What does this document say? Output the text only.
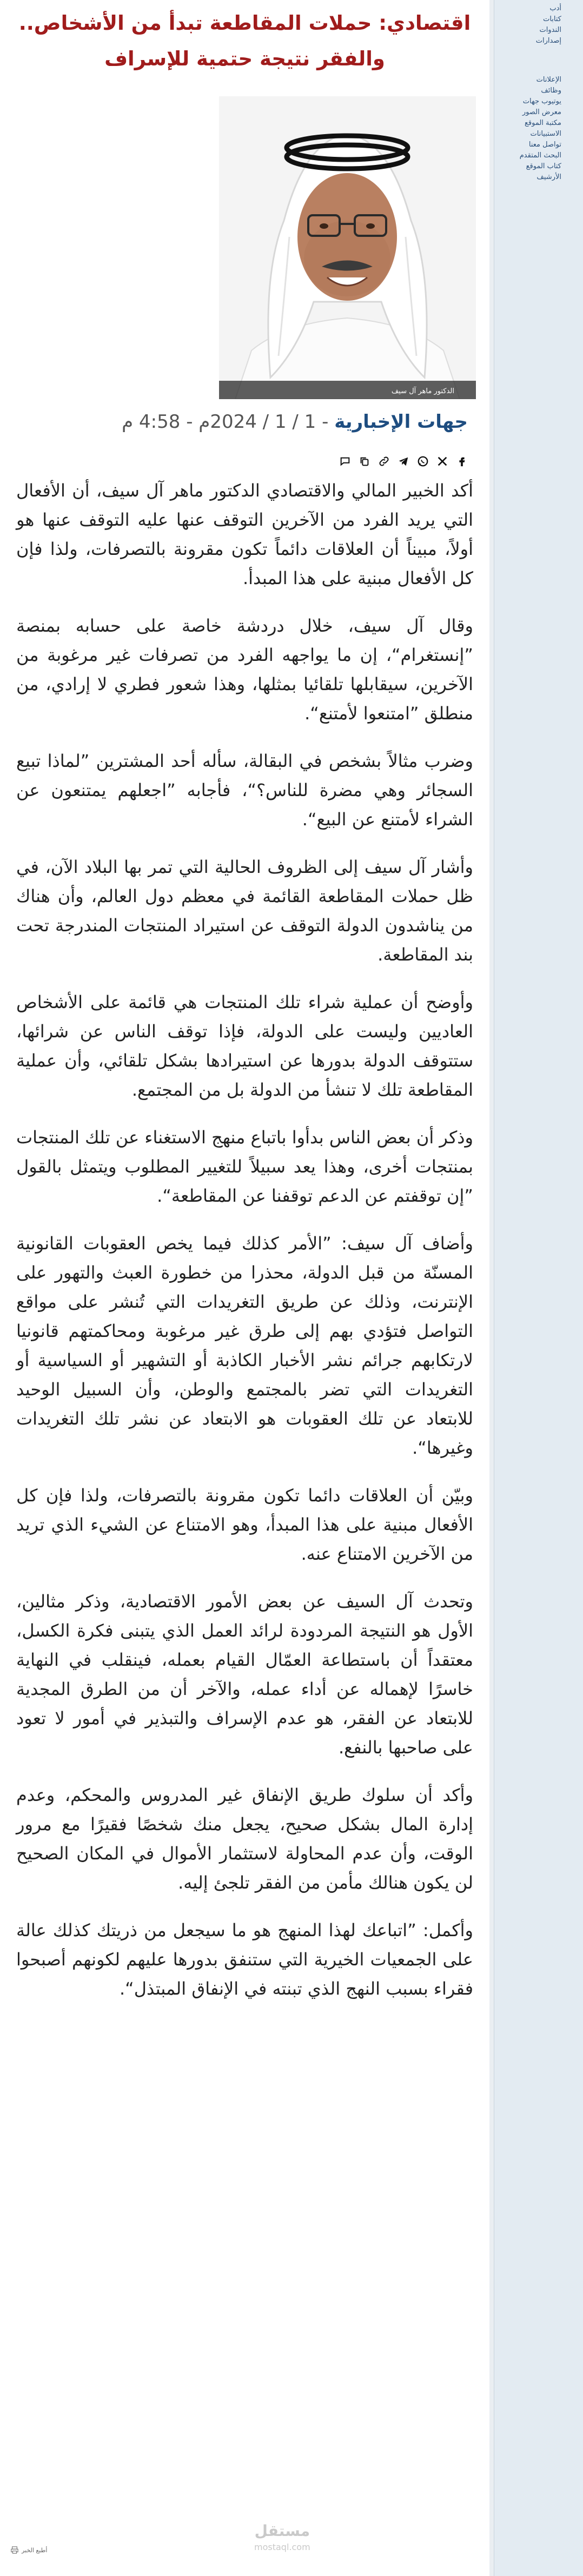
أدب
كتابات
الندوات
إصدارات
الإعلانات
وظائف
يوتيوب جهات
معرض الصور
مكتبة الموقع
الاستبيانات
تواصل معنا
البحث المتقدم
كتاب الموقع
الأرشيف
اقتصادي: حملات المقاطعة تبدأ من الأشخاص.. والفقر نتيجة حتمية للإسراف
الدكتور ماهر آل سيف
جهات الإخبارية - 1 / 1 / 2024م - 4:58 م

أكد الخبير المالي والاقتصادي الدكتور ماهر آل سيف، أن الأفعال التي يريد الفرد من الآخرين التوقف عنها عليه التوقف عنها هو أولاً، مبيناً أن العلاقات دائماً تكون مقرونة بالتصرفات، ولذا فإن كل الأفعال مبنية على هذا المبدأ.

وقال آل سيف، خلال دردشة خاصة على حسابه بمنصة ”إنستغرام“، إن ما يواجهه الفرد من تصرفات غير مرغوبة من الآخرين، سيقابلها تلقائيا بمثلها، وهذا شعور فطري لا إرادي، من منطلق ”امتنعوا لأمتنع“.

وضرب مثالاً بشخص في البقالة، سأله أحد المشترين ”لماذا تبيع السجائر وهي مضرة للناس؟“، فأجابه ”اجعلهم يمتنعون عن الشراء لأمتنع عن البيع“.

وأشار آل سيف إلى الظروف الحالية التي تمر بها البلاد الآن، في ظل حملات المقاطعة القائمة في معظم دول العالم، وأن هناك من يناشدون الدولة التوقف عن استيراد المنتجات المندرجة تحت بند المقاطعة.

وأوضح أن عملية شراء تلك المنتجات هي قائمة على الأشخاص العاديين وليست على الدولة، فإذا توقف الناس عن شرائها، ستتوقف الدولة بدورها عن استيرادها بشكل تلقائي، وأن عملية المقاطعة تلك لا تنشأ من الدولة بل من المجتمع.

وذكر أن بعض الناس بدأوا باتباع منهج الاستغناء عن تلك المنتجات بمنتجات أخرى، وهذا يعد سبيلاً للتغيير المطلوب ويتمثل بالقول ”إن توقفتم عن الدعم توقفنا عن المقاطعة“.

وأضاف آل سيف: ”الأمر كذلك فيما يخص العقوبات القانونية المسنّة من قبل الدولة، محذرا من خطورة العبث والتهور على الإنترنت، وذلك عن طريق التغريدات التي تُنشر على مواقع التواصل فتؤدي بهم إلى طرق غير مرغوبة ومحاكمتهم قانونيا لارتكابهم جرائم نشر الأخبار الكاذبة أو التشهير أو السياسية أو التغريدات التي تضر بالمجتمع والوطن، وأن السبيل الوحيد للابتعاد عن تلك العقوبات هو الابتعاد عن نشر تلك التغريدات وغيرها“.

وبيّن أن العلاقات دائما تكون مقرونة بالتصرفات، ولذا فإن كل الأفعال مبنية على هذا المبدأ، وهو الامتناع عن الشيء الذي تريد من الآخرين الامتناع عنه.

وتحدث آل السيف عن بعض الأمور الاقتصادية، وذكر مثالين، الأول هو النتيجة المردودة لرائد العمل الذي يتبنى فكرة الكسل، معتقداً أن باستطاعة العمّال القيام بعمله، فينقلب في النهاية خاسرًا لإهماله عن أداء عمله، والآخر أن من الطرق المجدية للابتعاد عن الفقر، هو عدم الإسراف والتبذير في أمور لا تعود على صاحبها بالنفع.

وأكد أن سلوك طريق الإنفاق غير المدروس والمحكم، وعدم إدارة المال بشكل صحيح، يجعل منك شخصًا فقيرًا مع مرور الوقت، وأن عدم المحاولة لاستثمار الأموال في المكان الصحيح لن يكون هنالك مأمن من الفقر تلجئ إليه.

وأكمل: ”اتباعك لهذا المنهج هو ما سيجعل من ذريتك كذلك عالة على الجمعيات الخيرية التي ستنفق بدورها عليهم لكونهم أصبحوا فقراء بسبب النهج الذي تبنته في الإنفاق المبتذل“.

مستقل
mostaql.com
أطبع الخبر
